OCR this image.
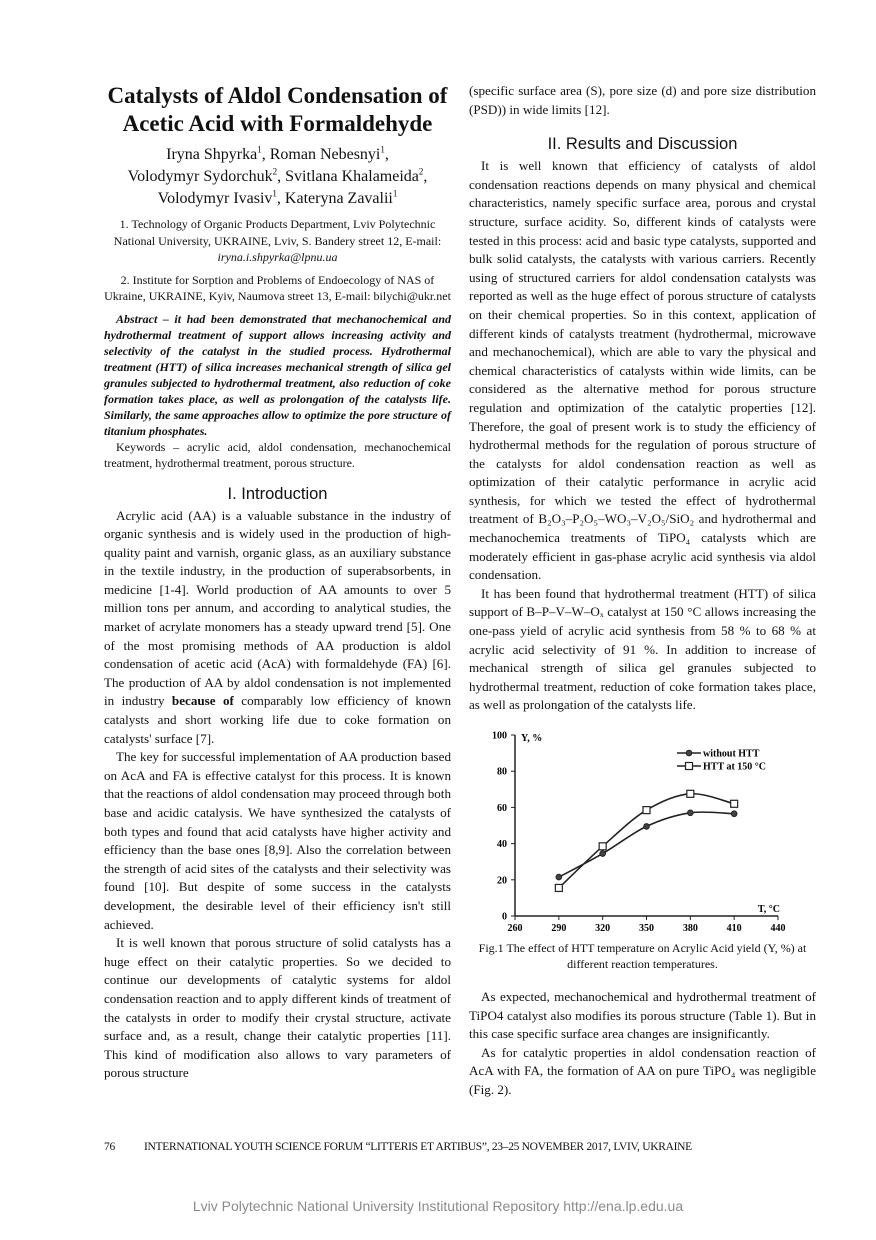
Catalysts of Aldol Condensation of Acetic Acid with Formaldehyde
Iryna Shpyrka$^1$, Roman Nebesnyi$^1$,
Volodymyr Sydorchuk$^2$, Svitlana Khalameida$^2$,
Volodymyr Ivasiv$^1$, Kateryna Zavalii$^1$
1. Technology of Organic Products Department, Lviv Polytechnic National University, UKRAINE, Lviv, S. Bandery street 12, E-mail: iryna.i.shpyrka@lpnu.ua
2. Institute for Sorption and Problems of Endoecology of NAS of Ukraine, UKRAINE, Kyiv, Naumova street 13, E-mail: bilychi@ukr.net

Abstract – it had been demonstrated that mechanochemical and hydrothermal treatment of support allows increasing activity and selectivity of the catalyst in the studied process. Hydrothermal treatment (HTT) of silica increases mechanical strength of silica gel granules subjected to hydrothermal treatment, also reduction of coke formation takes place, as well as prolongation of the catalysts life. Similarly, the same approaches allow to optimize the pore structure of titanium phosphates.

Keywords – acrylic acid, aldol condensation, mechanochemical treatment, hydrothermal treatment, porous structure.

I. Introduction

Acrylic acid (AA) is a valuable substance in the industry of organic synthesis and is widely used in the production of high-quality paint and varnish, organic glass, as an auxiliary substance in the textile industry, in the production of superabsorbents, in medicine [1-4]. World production of AA amounts to over 5 million tons per annum, and according to analytical studies, the market of acrylate monomers has a steady upward trend [5]. One of the most promising methods of AA production is aldol condensation of acetic acid (AcA) with formaldehyde (FA) [6]. The production of AA by aldol condensation is not implemented in industry because of comparably low efficiency of known catalysts and short working life due to coke formation on catalysts' surface [7].

The key for successful implementation of AA production based on AcA and FA is effective catalyst for this process. It is known that the reactions of aldol condensation may proceed through both base and acidic catalysis. We have synthesized the catalysts of both types and found that acid catalysts have higher activity and efficiency than the base ones [8,9]. Also the correlation between the strength of acid sites of the catalysts and their selectivity was found [10]. But despite of some success in the catalysts development, the desirable level of their efficiency isn't still achieved.

It is well known that porous structure of solid catalysts has a huge effect on their catalytic properties. So we decided to continue our developments of catalytic systems for aldol condensation reaction and to apply different kinds of treatment of the catalysts in order to modify their crystal structure, activate surface and, as a result, change their catalytic properties [11]. This kind of modification also allows to vary parameters of porous structure

(specific surface area (S), pore size (d) and pore size distribution (PSD)) in wide limits [12].

II. Results and Discussion

It is well known that efficiency of catalysts of aldol condensation reactions depends on many physical and chemical characteristics, namely specific surface area, porous and crystal structure, surface acidity. So, different kinds of catalysts were tested in this process: acid and basic type catalysts, supported and bulk solid catalysts, the catalysts with various carriers. Recently using of structured carriers for aldol condensation catalysts was reported as well as the huge effect of porous structure of catalysts on their chemical properties. So in this context, application of different kinds of catalysts treatment (hydrothermal, microwave and mechanochemical), which are able to vary the physical and chemical characteristics of catalysts within wide limits, can be considered as the alternative method for porous structure regulation and optimization of the catalytic properties [12]. Therefore, the goal of present work is to study the efficiency of hydrothermal methods for the regulation of porous structure of the catalysts for aldol condensation reaction as well as optimization of their catalytic performance in acrylic acid synthesis, for which we tested the effect of hydrothermal treatment of B₂O₃–P₂O₅–WO₃–V₂O₅/SiO₂ and hydrothermal and mechanochemica treatments of TiPO₄ catalysts which are moderately efficient in gas-phase acrylic acid synthesis via aldol condensation.

It has been found that hydrothermal treatment (HTT) of silica support of B–P–V–W–Oₓ catalyst at 150 °C allows increasing the one-pass yield of acrylic acid synthesis from 58 % to 68 % at acrylic acid selectivity of 91 %. In addition to increase of mechanical strength of silica gel granules subjected to hydrothermal treatment, reduction of coke formation takes place, as well as prolongation of the catalysts life.

260	290	320	350	380	410	440
0
20
40
60
80
100 Y, %
T, °C
without HTT
HTT at 150 °C
Fig.1 The effect of HTT temperature on Acrylic Acid yield (Y, %) at different reaction temperatures.

As expected, mechanochemical and hydrothermal treatment of TiPO4 catalyst also modifies its porous structure (Table 1). But in this case specific surface area changes are insignificantly.

As for catalytic properties in aldol condensation reaction of AcA with FA, the formation of AA on pure TiPO₄ was negligible (Fig. 2).

76	INTERNATIONAL YOUTH SCIENCE FORUM “LITTERIS ET ARTIBUS”, 23–25 NOVEMBER 2017, LVIV, UKRAINE
Lviv Polytechnic National University Institutional Repository http://ena.lp.edu.ua
